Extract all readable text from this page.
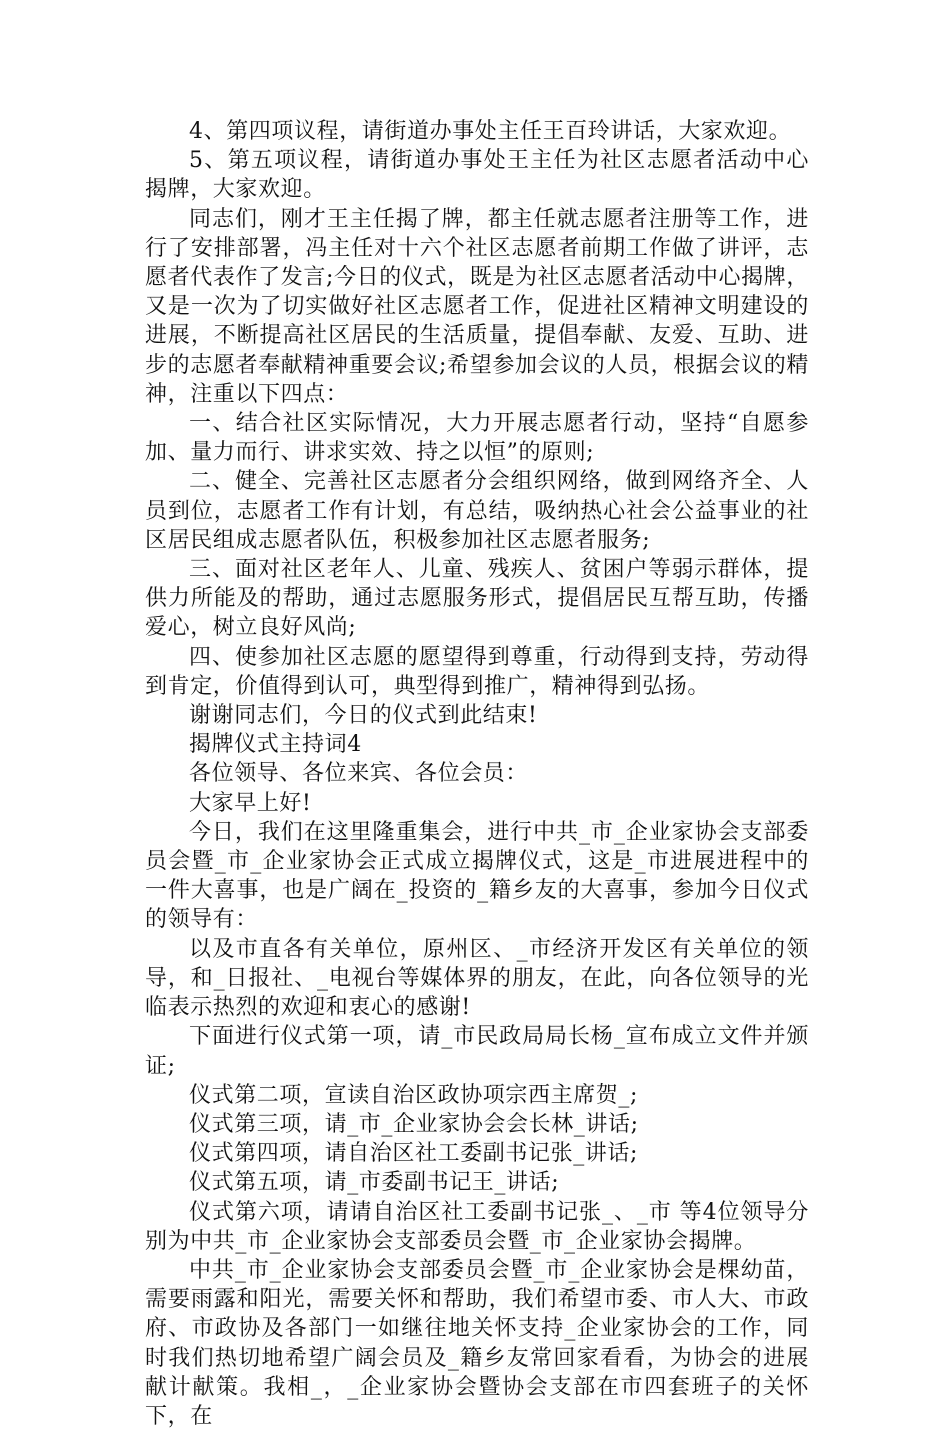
4、第四项议程，请街道办事处主任王百玲讲话，大家欢迎。

5、第五项议程，请街道办事处王主任为社区志愿者活动中心揭牌，大家欢迎。

同志们，刚才王主任揭了牌，都主任就志愿者注册等工作，进行了安排部署，冯主任对十六个社区志愿者前期工作做了讲评，志愿者代表作了发言;今日的仪式，既是为社区志愿者活动中心揭牌，又是一次为了切实做好社区志愿者工作，促进社区精神文明建设的进展，不断提高社区居民的生活质量，提倡奉献、友爱、互助、进步的志愿者奉献精神重要会议;希望参加会议的人员，根据会议的精神，注重以下四点：

一、结合社区实际情况，大力开展志愿者行动，坚持“自愿参加、量力而行、讲求实效、持之以恒”的原则;

二、健全、完善社区志愿者分会组织网络，做到网络齐全、人员到位，志愿者工作有计划，有总结，吸纳热心社会公益事业的社区居民组成志愿者队伍，积极参加社区志愿者服务;

三、面对社区老年人、儿童、残疾人、贫困户等弱示群体，提供力所能及的帮助，通过志愿服务形式，提倡居民互帮互助，传播爱心，树立良好风尚;

四、使参加社区志愿的愿望得到尊重，行动得到支持，劳动得到肯定，价值得到认可，典型得到推广，精神得到弘扬。

谢谢同志们，今日的仪式到此结束!

揭牌仪式主持词4

各位领导、各位来宾、各位会员：

大家早上好!

今日，我们在这里隆重集会，进行中共_市_企业家协会支部委员会暨_市_企业家协会正式成立揭牌仪式，这是_市进展进程中的一件大喜事，也是广阔在_投资的_籍乡友的大喜事，参加今日仪式的领导有：

以及市直各有关单位，原州区、_市经济开发区有关单位的领导，和_日报社、_电视台等媒体界的朋友，在此，向各位领导的光临表示热烈的欢迎和衷心的感谢!

下面进行仪式第一项，请_市民政局局长杨_宣布成立文件并颁证;

仪式第二项，宣读自治区政协项宗西主席贺_;

仪式第三项，请_市_企业家协会会长林_讲话;

仪式第四项，请自治区社工委副书记张_讲话;

仪式第五项，请_市委副书记王_讲话;

仪式第六项，请请自治区社工委副书记张_、_市 等4位领导分别为中共_市_企业家协会支部委员会暨_市_企业家协会揭牌。

中共_市_企业家协会支部委员会暨_市_企业家协会是棵幼苗，需要雨露和阳光，需要关怀和帮助，我们希望市委、市人大、市政府、市政协及各部门一如继往地关怀支持_企业家协会的工作，同时我们热切地希望广阔会员及_籍乡友常回家看看，为协会的进展献计献策。我相_，_企业家协会暨协会支部在市四套班子的关怀下，在
